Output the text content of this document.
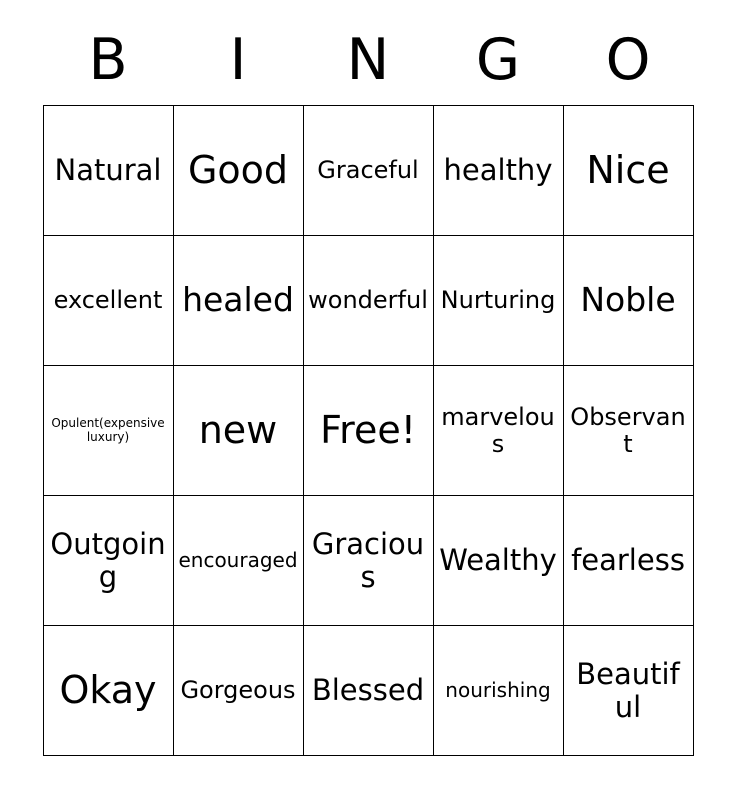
B	I	N	G	O
Natural	Good	Graceful	healthy	Nice
excellent	healed	wonderful	Nurturing	Noble
Opulent(expensive luxury)	new	Free!	marvelous	Observant
Outgoing	encouraged	Gracious	Wealthy	fearless
Okay	Gorgeous	Blessed	nourishing	Beautiful
